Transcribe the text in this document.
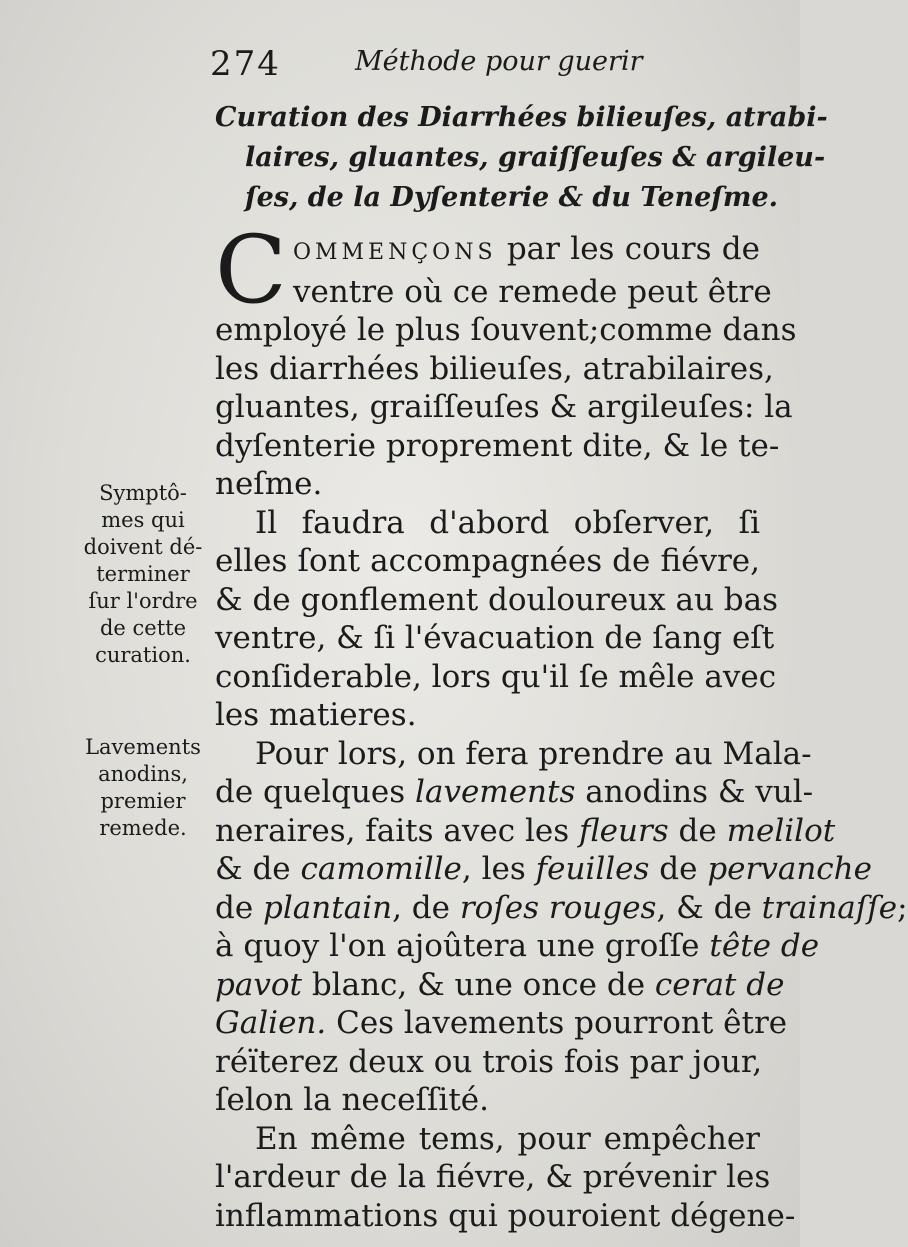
274	Méthode pour guerir
Curation des Diarrhées bilieuſes, atrabi-
laires, gluantes, graiſſeuſes & argileu-
ſes, de la Dyſenterie & du Teneſme.

C OMMENÇONS par les cours de
ventre où ce remede peut être
employé le plus ſouvent;comme dans
les diarrhées bilieuſes, atrabilaires,
gluantes, graiſſeuſes & argileuſes: la
dyſenterie proprement dite, & le te-
neſme.

Il faudra d'abord obſerver, ſi
elles ſont accompagnées de fiévre,
& de gonflement douloureux au bas
ventre, & ſi l'évacuation de ſang eſt
conſiderable, lors qu'il ſe mêle avec
les matieres.

Pour lors, on fera prendre au Mala-
de quelques lavements anodins & vul-
neraires, faits avec les fleurs de melilot
& de camomille, les feuilles de pervanche
de plantain, de roſes rouges, & de trainaſſe;
à quoy l'on ajoûtera une groſſe tête de
pavot blanc, & une once de cerat de
Galien. Ces lavements pourront être
réïterez deux ou trois fois par jour,
ſelon la neceſſité.

En même tems, pour empêcher
l'ardeur de la fiévre, & prévenir les
inflammations qui pouroient dégene-

Symptô-
mes qui
doivent dé-
terminer
ſur l'ordre
de cette
curation.
Lavements
anodins,
premier
remede.
